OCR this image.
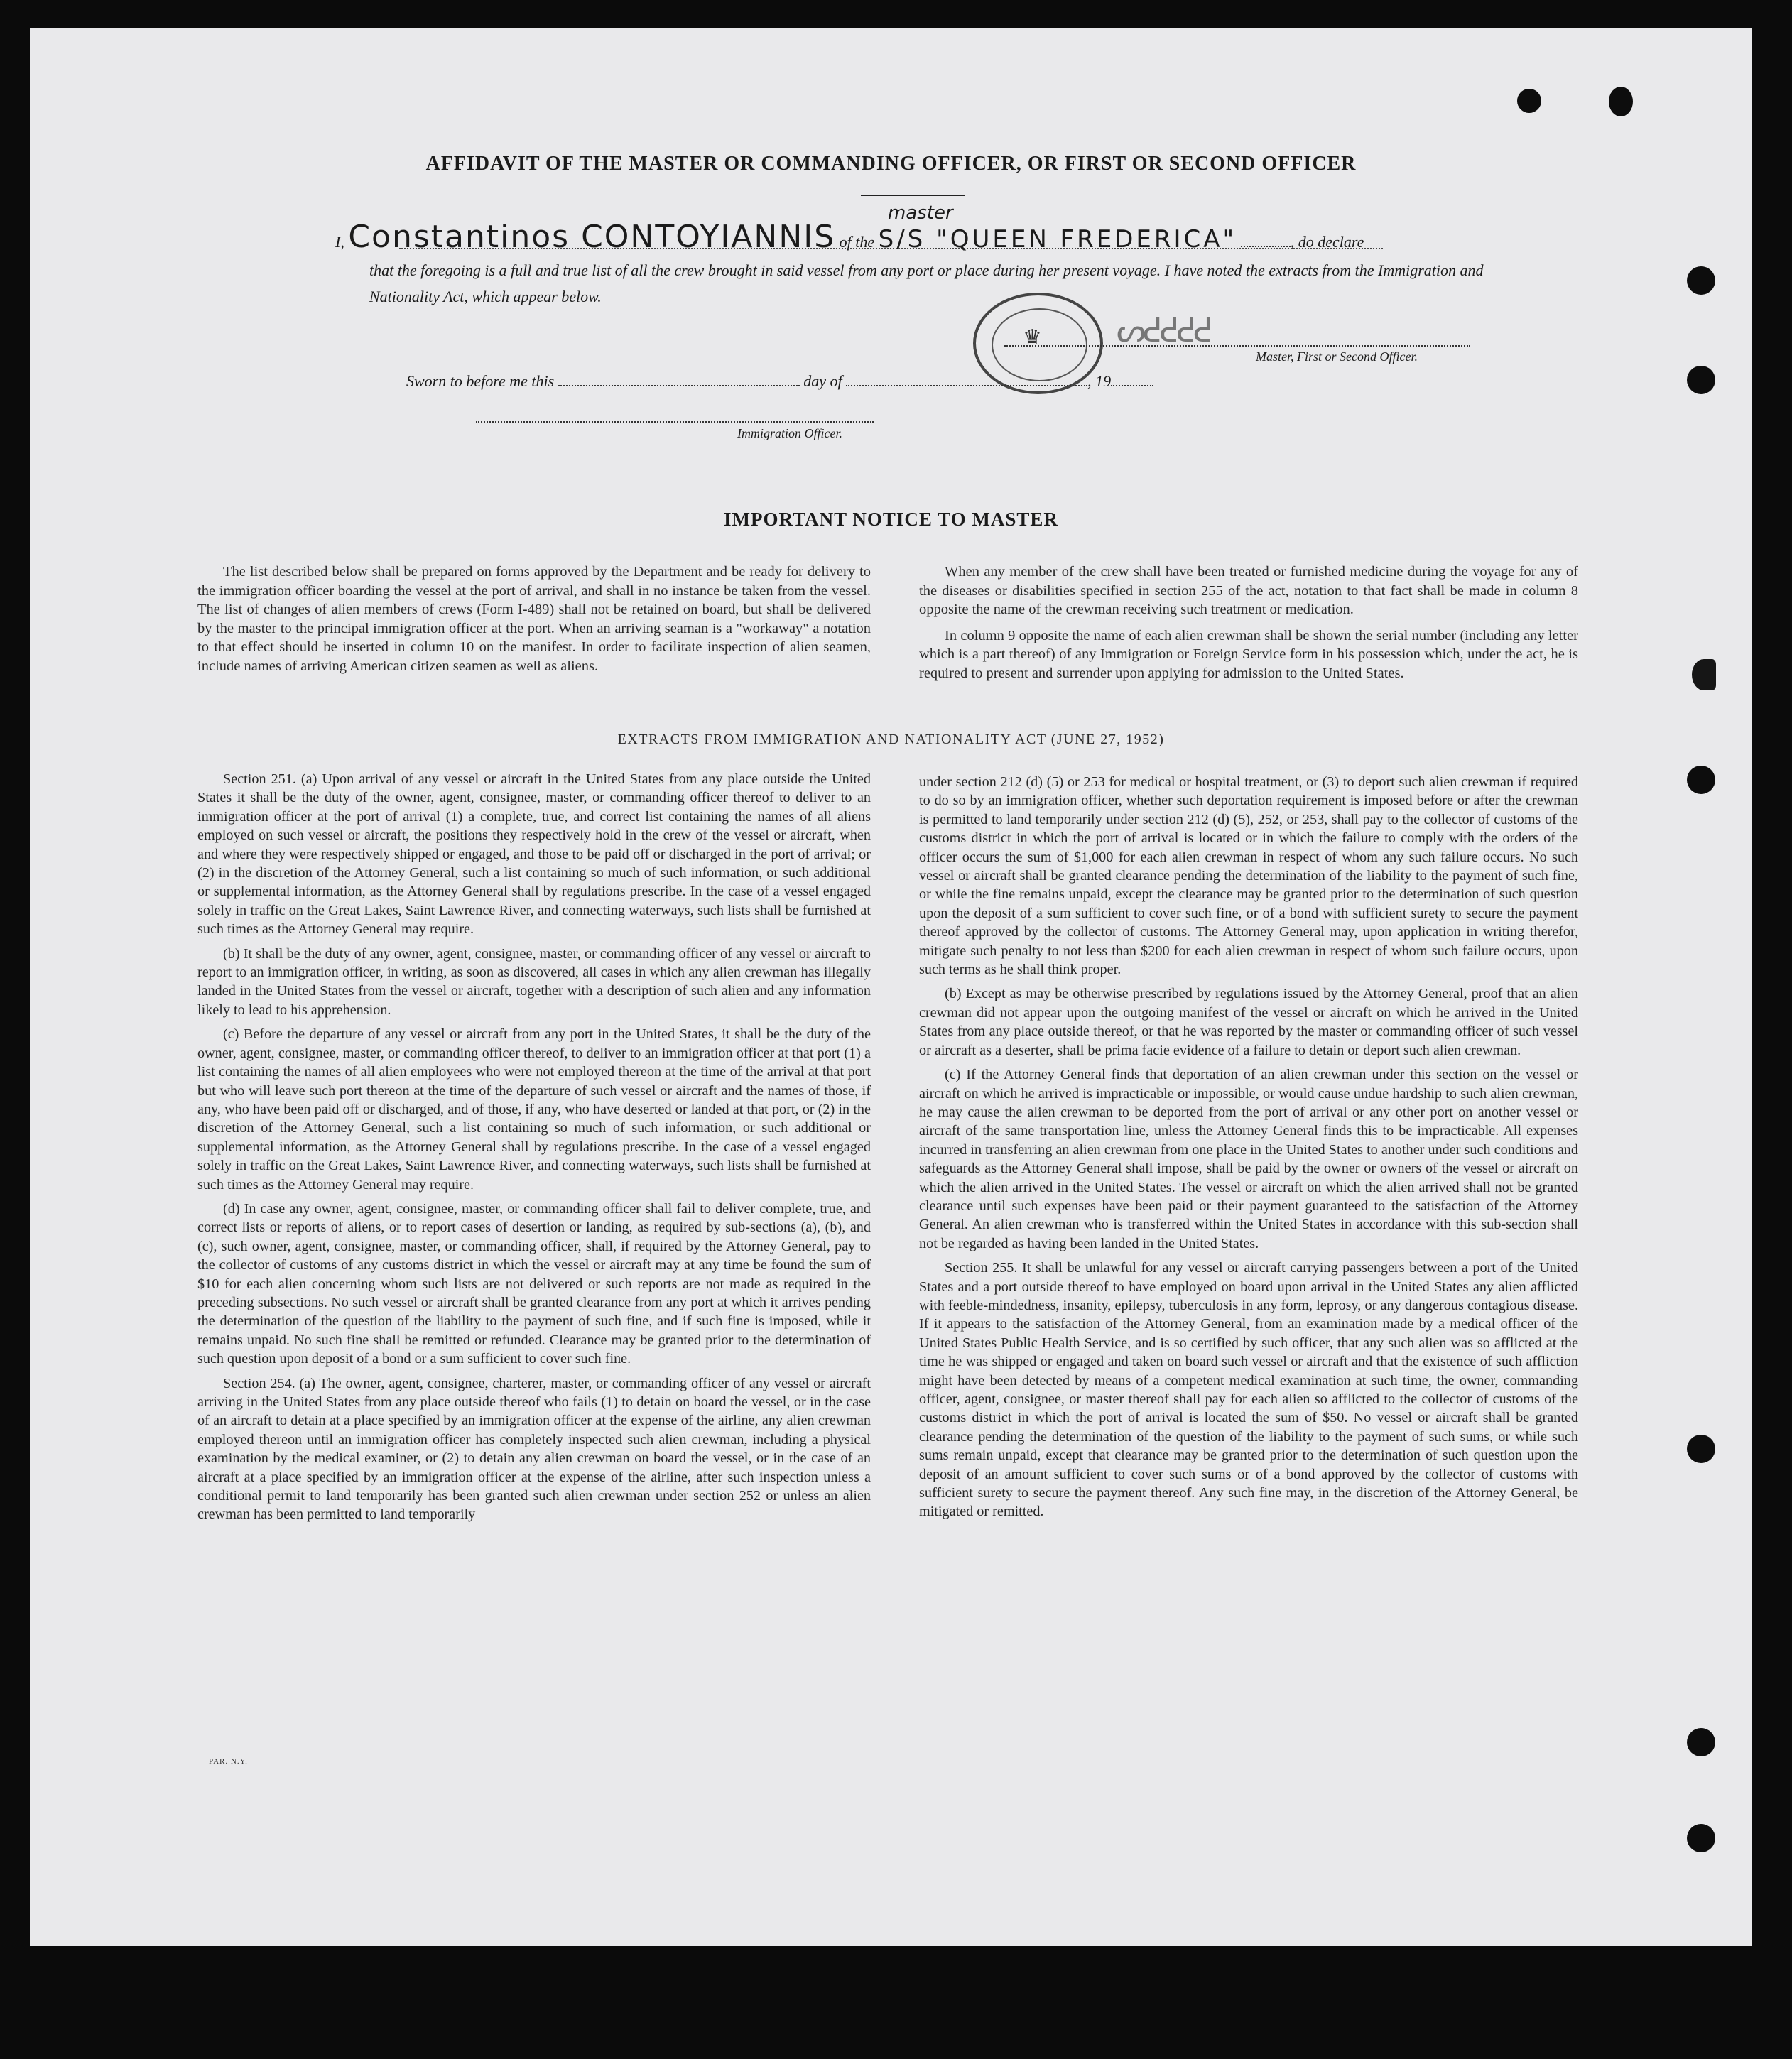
AFFIDAVIT OF THE MASTER OR COMMANDING OFFICER, OR FIRST OR SECOND OFFICER
master
I, Constantinos CONTOYIANNIS of the S/S "QUEEN FREDERICA"	, do declare
that the foregoing is a full and true list of all the crew brought in said vessel from any port or place during her present voyage. I have noted the extracts from the Immigration and Nationality Act, which appear below.
♛ ᔕᕍᕍᕍᕍ
Master, First or Second Officer.
Sworn to before me this	day of	, 19
Immigration Officer.
IMPORTANT NOTICE TO MASTER

The list described below shall be prepared on forms approved by the Department and be ready for delivery to the immigration officer boarding the vessel at the port of arrival, and shall in no instance be taken from the vessel. The list of changes of alien members of crews (Form I-489) shall not be retained on board, but shall be delivered by the master to the principal immigration officer at the port. When an arriving seaman is a "workaway" a notation to that effect should be inserted in column 10 on the manifest. In order to facilitate inspection of alien seamen, include names of arriving American citizen seamen as well as aliens.

When any member of the crew shall have been treated or furnished medicine during the voyage for any of the diseases or disabilities specified in section 255 of the act, notation to that fact shall be made in column 8 opposite the name of the crewman receiving such treatment or medication.

In column 9 opposite the name of each alien crewman shall be shown the serial number (including any letter which is a part thereof) of any Immigration or Foreign Service form in his possession which, under the act, he is required to present and surrender upon applying for admission to the United States.

EXTRACTS FROM IMMIGRATION AND NATIONALITY ACT (JUNE 27, 1952)

Section 251. (a) Upon arrival of any vessel or aircraft in the United States from any place outside the United States it shall be the duty of the owner, agent, consignee, master, or commanding officer thereof to deliver to an immigration officer at the port of arrival (1) a complete, true, and correct list containing the names of all aliens employed on such vessel or aircraft, the positions they respectively hold in the crew of the vessel or aircraft, when and where they were respectively shipped or engaged, and those to be paid off or discharged in the port of arrival; or (2) in the discretion of the Attorney General, such a list containing so much of such information, or such additional or supplemental information, as the Attorney General shall by regulations prescribe. In the case of a vessel engaged solely in traffic on the Great Lakes, Saint Lawrence River, and connecting waterways, such lists shall be furnished at such times as the Attorney General may require.

(b) It shall be the duty of any owner, agent, consignee, master, or commanding officer of any vessel or aircraft to report to an immigration officer, in writing, as soon as discovered, all cases in which any alien crewman has illegally landed in the United States from the vessel or aircraft, together with a description of such alien and any information likely to lead to his apprehension.

(c) Before the departure of any vessel or aircraft from any port in the United States, it shall be the duty of the owner, agent, consignee, master, or commanding officer thereof, to deliver to an immigration officer at that port (1) a list containing the names of all alien employees who were not employed thereon at the time of the arrival at that port but who will leave such port thereon at the time of the departure of such vessel or aircraft and the names of those, if any, who have been paid off or discharged, and of those, if any, who have deserted or landed at that port, or (2) in the discretion of the Attorney General, such a list containing so much of such information, or such additional or supplemental information, as the Attorney General shall by regulations prescribe. In the case of a vessel engaged solely in traffic on the Great Lakes, Saint Lawrence River, and connecting waterways, such lists shall be furnished at such times as the Attorney General may require.

(d) In case any owner, agent, consignee, master, or commanding officer shall fail to deliver complete, true, and correct lists or reports of aliens, or to report cases of desertion or landing, as required by sub-sections (a), (b), and (c), such owner, agent, consignee, master, or commanding officer, shall, if required by the Attorney General, pay to the collector of customs of any customs district in which the vessel or aircraft may at any time be found the sum of $10 for each alien concerning whom such lists are not delivered or such reports are not made as required in the preceding subsections. No such vessel or aircraft shall be granted clearance from any port at which it arrives pending the determination of the question of the liability to the payment of such fine, and if such fine is imposed, while it remains unpaid. No such fine shall be remitted or refunded. Clearance may be granted prior to the determination of such question upon deposit of a bond or a sum sufficient to cover such fine.

Section 254. (a) The owner, agent, consignee, charterer, master, or commanding officer of any vessel or aircraft arriving in the United States from any place outside thereof who fails (1) to detain on board the vessel, or in the case of an aircraft to detain at a place specified by an immigration officer at the expense of the airline, any alien crewman employed thereon until an immigration officer has completely inspected such alien crewman, including a physical examination by the medical examiner, or (2) to detain any alien crewman on board the vessel, or in the case of an aircraft at a place specified by an immigration officer at the expense of the airline, after such inspection unless a conditional permit to land temporarily has been granted such alien crewman under section 252 or unless an alien crewman has been permitted to land temporarily

under section 212 (d) (5) or 253 for medical or hospital treatment, or (3) to deport such alien crewman if required to do so by an immigration officer, whether such deportation requirement is imposed before or after the crewman is permitted to land temporarily under section 212 (d) (5), 252, or 253, shall pay to the collector of customs of the customs district in which the port of arrival is located or in which the failure to comply with the orders of the officer occurs the sum of $1,000 for each alien crewman in respect of whom any such failure occurs. No such vessel or aircraft shall be granted clearance pending the determination of the liability to the payment of such fine, or while the fine remains unpaid, except the clearance may be granted prior to the determination of such question upon the deposit of a sum sufficient to cover such fine, or of a bond with sufficient surety to secure the payment thereof approved by the collector of customs. The Attorney General may, upon application in writing therefor, mitigate such penalty to not less than $200 for each alien crewman in respect of whom such failure occurs, upon such terms as he shall think proper.

(b) Except as may be otherwise prescribed by regulations issued by the Attorney General, proof that an alien crewman did not appear upon the outgoing manifest of the vessel or aircraft on which he arrived in the United States from any place outside thereof, or that he was reported by the master or commanding officer of such vessel or aircraft as a deserter, shall be prima facie evidence of a failure to detain or deport such alien crewman.

(c) If the Attorney General finds that deportation of an alien crewman under this section on the vessel or aircraft on which he arrived is impracticable or impossible, or would cause undue hardship to such alien crewman, he may cause the alien crewman to be deported from the port of arrival or any other port on another vessel or aircraft of the same transportation line, unless the Attorney General finds this to be impracticable. All expenses incurred in transferring an alien crewman from one place in the United States to another under such conditions and safeguards as the Attorney General shall impose, shall be paid by the owner or owners of the vessel or aircraft on which the alien arrived in the United States. The vessel or aircraft on which the alien arrived shall not be granted clearance until such expenses have been paid or their payment guaranteed to the satisfaction of the Attorney General. An alien crewman who is transferred within the United States in accordance with this sub-section shall not be regarded as having been landed in the United States.

Section 255. It shall be unlawful for any vessel or aircraft carrying passengers between a port of the United States and a port outside thereof to have employed on board upon arrival in the United States any alien afflicted with feeble-mindedness, insanity, epilepsy, tuberculosis in any form, leprosy, or any dangerous contagious disease. If it appears to the satisfaction of the Attorney General, from an examination made by a medical officer of the United States Public Health Service, and is so certified by such officer, that any such alien was so afflicted at the time he was shipped or engaged and taken on board such vessel or aircraft and that the existence of such affliction might have been detected by means of a competent medical examination at such time, the owner, commanding officer, agent, consignee, or master thereof shall pay for each alien so afflicted to the collector of customs of the customs district in which the port of arrival is located the sum of $50. No vessel or aircraft shall be granted clearance pending the determination of the question of the liability to the payment of such sums, or while such sums remain unpaid, except that clearance may be granted prior to the determination of such question upon the deposit of an amount sufficient to cover such sums or of a bond approved by the collector of customs with sufficient surety to secure the payment thereof. Any such fine may, in the discretion of the Attorney General, be mitigated or remitted.

PAR. N.Y.
